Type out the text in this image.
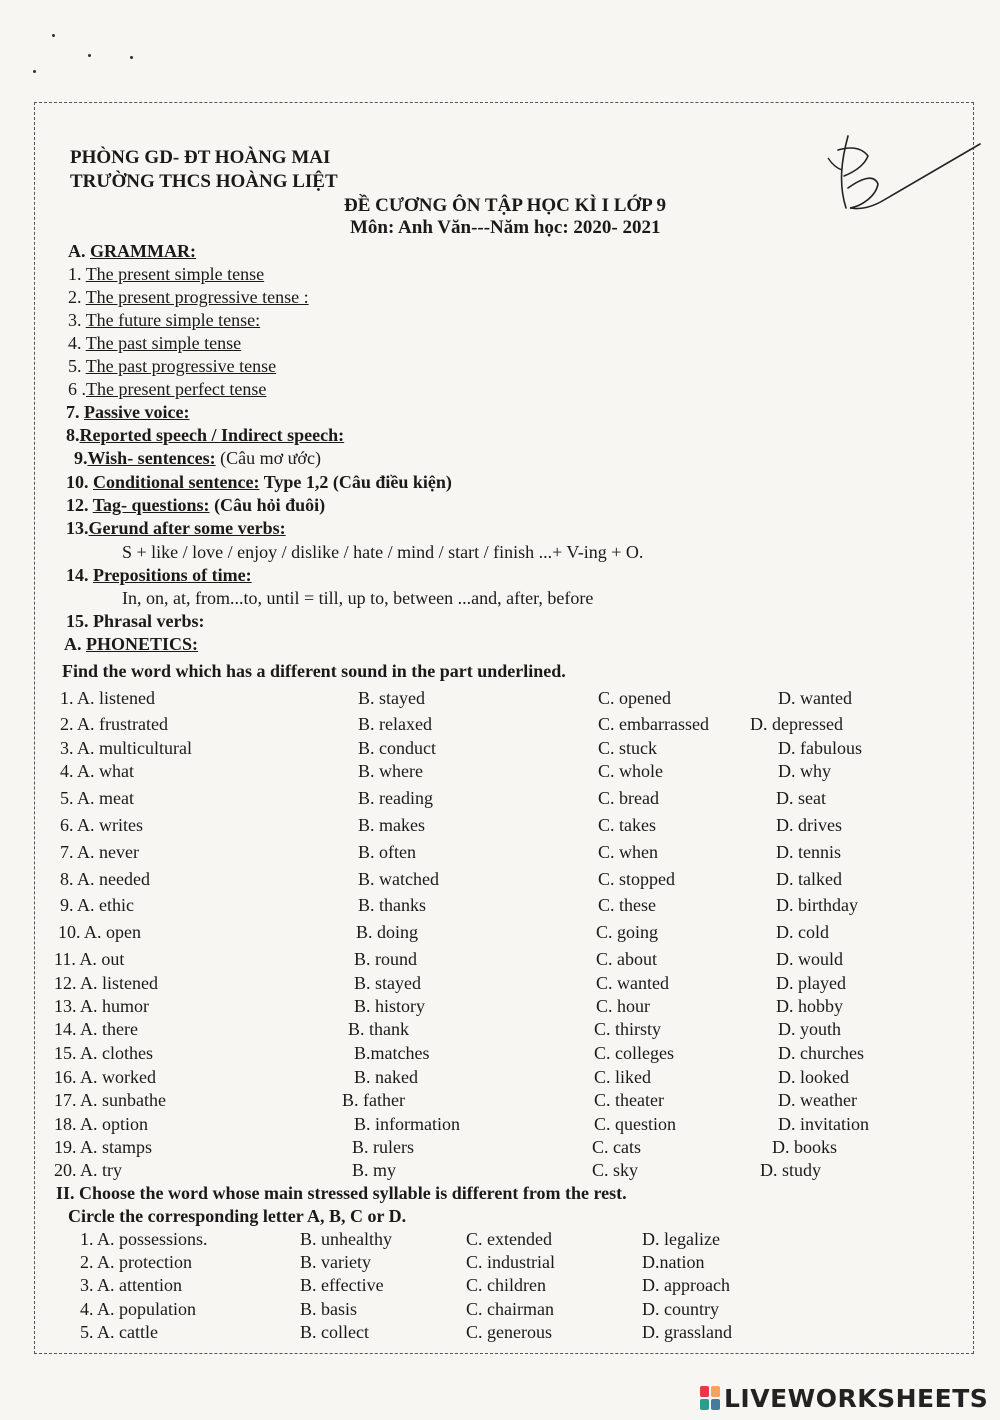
PHÒNG GD- ĐT HOÀNG MAI
TRƯỜNG THCS HOÀNG LIỆT
ĐỀ CƯƠNG ÔN TẬP HỌC KÌ I LỚP 9
Môn: Anh Văn---Năm học: 2020- 2021
A. GRAMMAR:
1. The present simple tense
2. The present progressive tense :
3. The future simple tense:
4. The past simple tense
5. The past progressive tense
6 .The present perfect tense
7. Passive voice:
8.Reported speech / Indirect speech:
9.Wish- sentences: (Câu mơ ước)
10. Conditional sentence: Type 1,2 (Câu điều kiện)
12. Tag- questions: (Câu hỏi đuôi)
13.Gerund after some verbs:
S + like / love / enjoy / dislike / hate / mind / start / finish ...+ V-ing + O.
14. Prepositions of time:
In, on, at, from...to, until = till, up to, between ...and, after, before
15. Phrasal verbs:
A. PHONETICS:
Find the word which has a different sound in the part underlined.
1. A. listened	B. stayed	C. opened	D. wanted
2. A. frustrated	B. relaxed	C. embarrassed D. depressed
3. A. multicultural	B. conduct	C. stuck	D. fabulous
4. A. what	B. where	C. whole	D. why
5. A. meat	B. reading	C. bread	D. seat
6. A. writes	B. makes	C. takes	D. drives
7. A. never	B. often	C. when	D. tennis
8. A. needed	B. watched	C. stopped	D. talked
9. A. ethic	B. thanks	C. these	D. birthday
10. A. open	B. doing	C. going	D. cold
11. A. out	B. round	C. about	D. would
12. A. listened	B. stayed	C. wanted	D. played
13. A. humor	B. history	C. hour	D. hobby
14. A. there	B. thank	C. thirsty	D. youth
15. A. clothes	B.matches	C. colleges	D. churches
16. A. worked	B. naked	C. liked	D. looked
17. A. sunbathe	B. father	C. theater	D. weather
18. A. option	B. information	C. question	D. invitation
19. A. stamps	B. rulers	C. cats	D. books
20. A. try	B. my	C. sky	D. study
II. Choose the word whose main stressed syllable is different from the rest.
Circle the corresponding letter A, B, C or D.
1. A. possessions.	B. unhealthy	C. extended	D. legalize
2. A. protection	B. variety	C. industrial	D.nation
3. A. attention	B. effective	C. children	D. approach
4. A. population	B. basis	C. chairman	D. country
5. A. cattle	B. collect	C. generous	D. grassland
LIVEWORKSHEETS
